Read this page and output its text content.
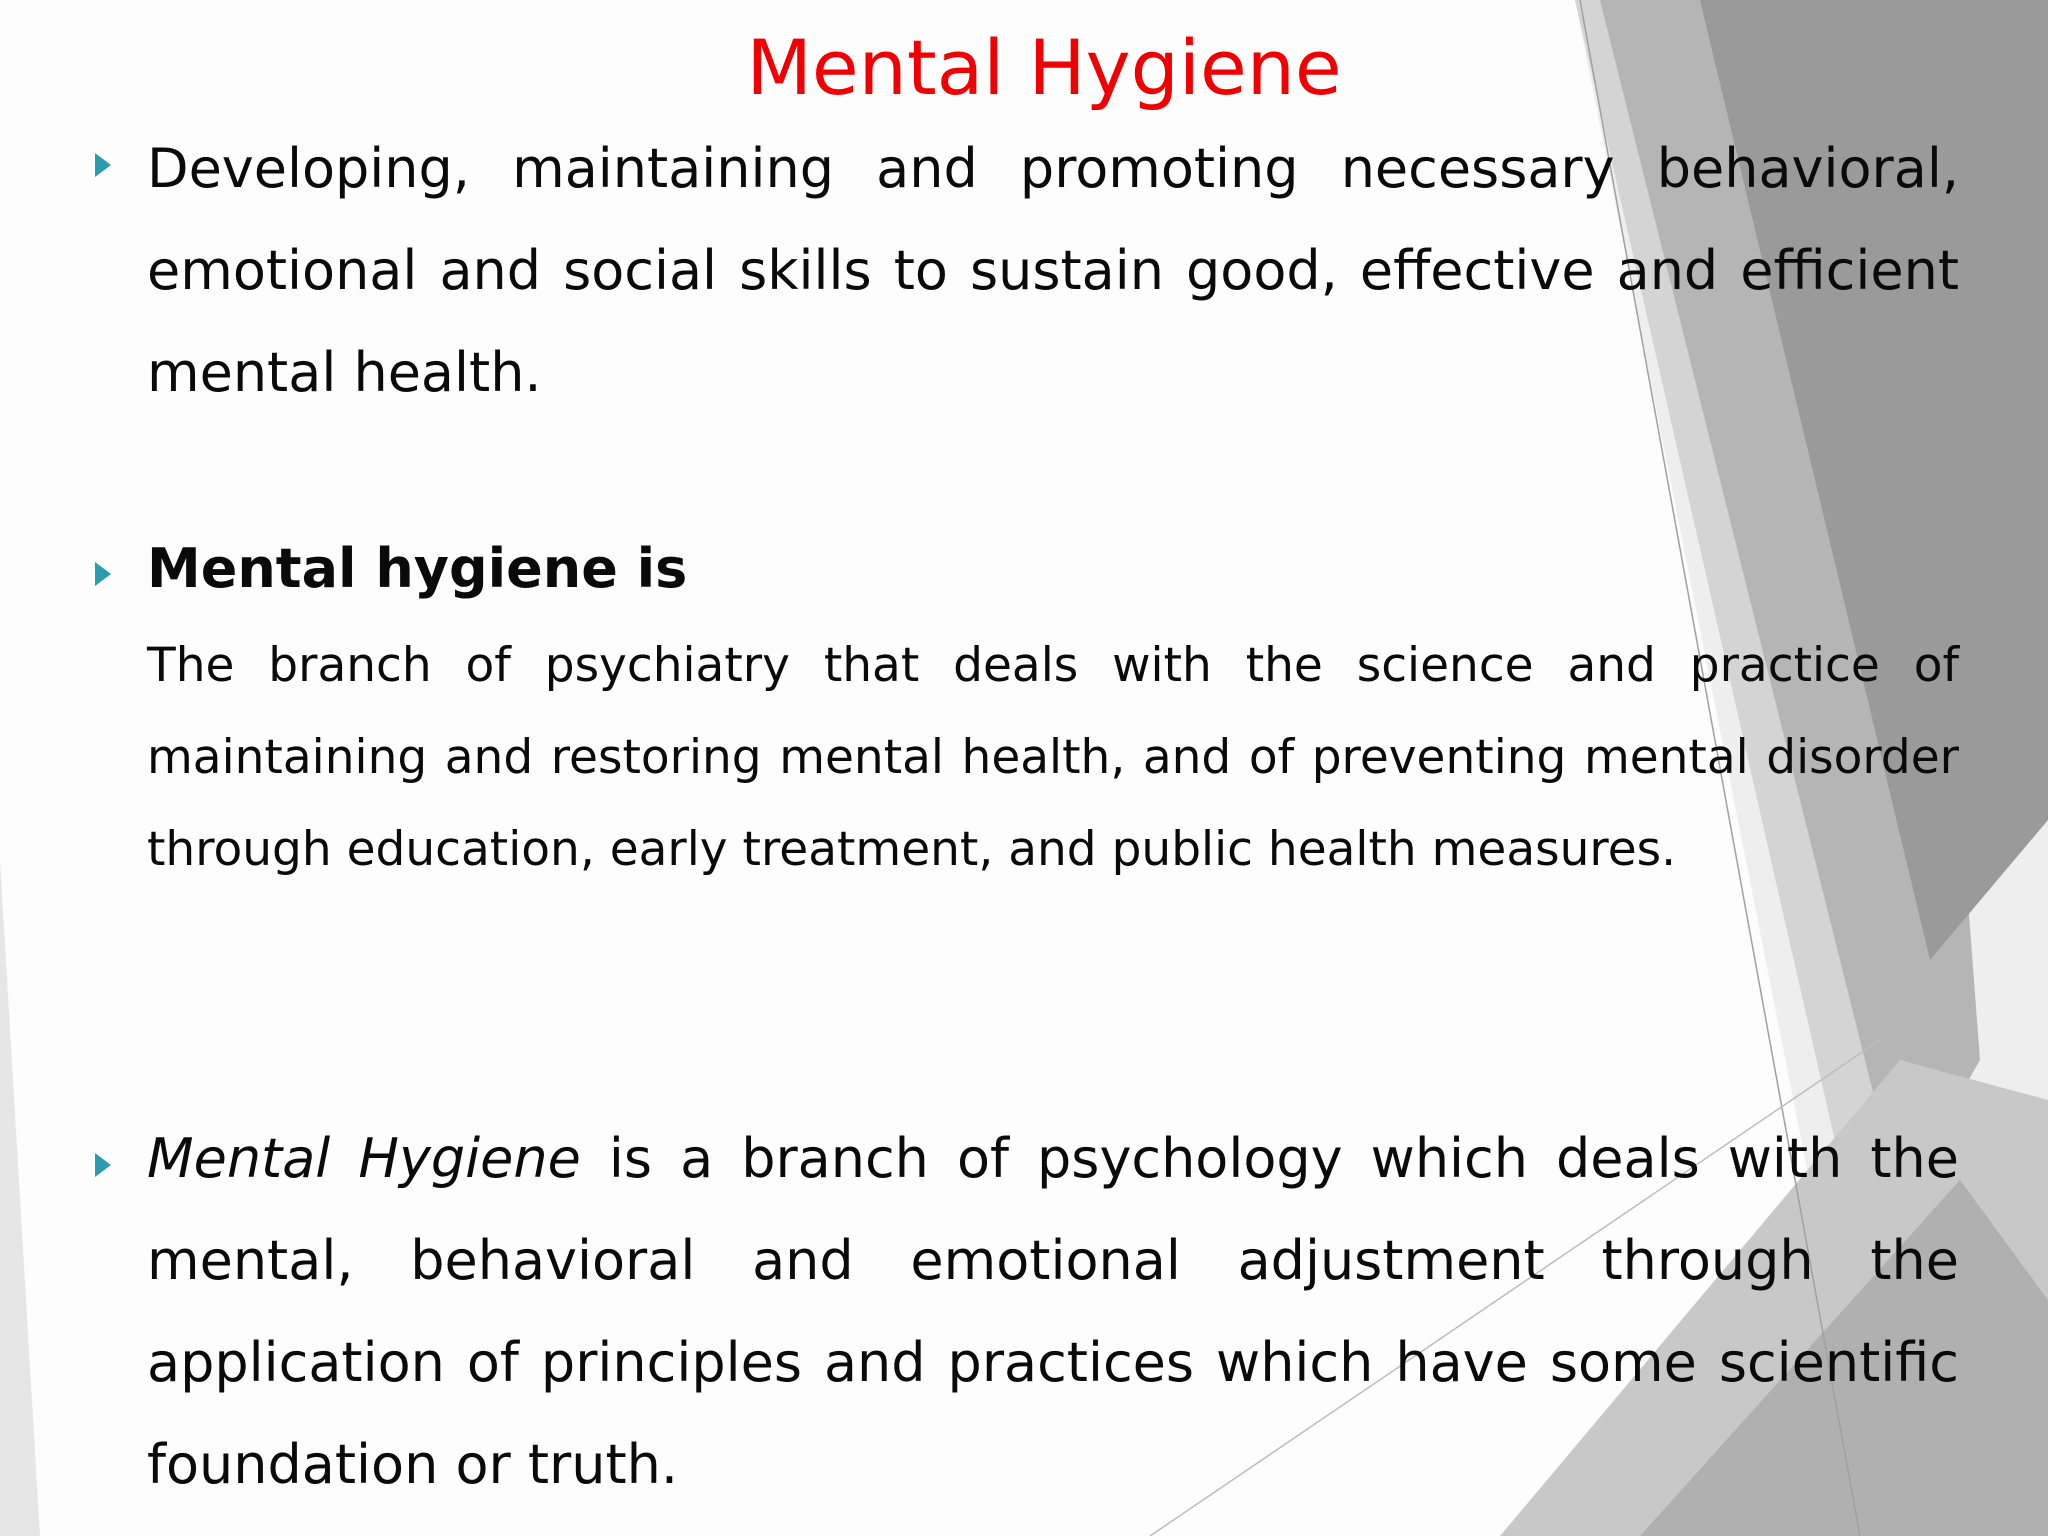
Mental Hygiene

Developing, maintaining and promoting necessary behavioral, emotional and social skills to sustain good, effective and efficient mental health.

Mental hygiene is

The branch of psychiatry that deals with the science and practice of maintaining and restoring mental health, and of preventing mental disorder through education, early treatment, and public health measures.

Mental Hygiene is a branch of psychology which deals with the mental, behavioral and emotional adjustment through the application of principles and practices which have some scientific foundation or truth.
